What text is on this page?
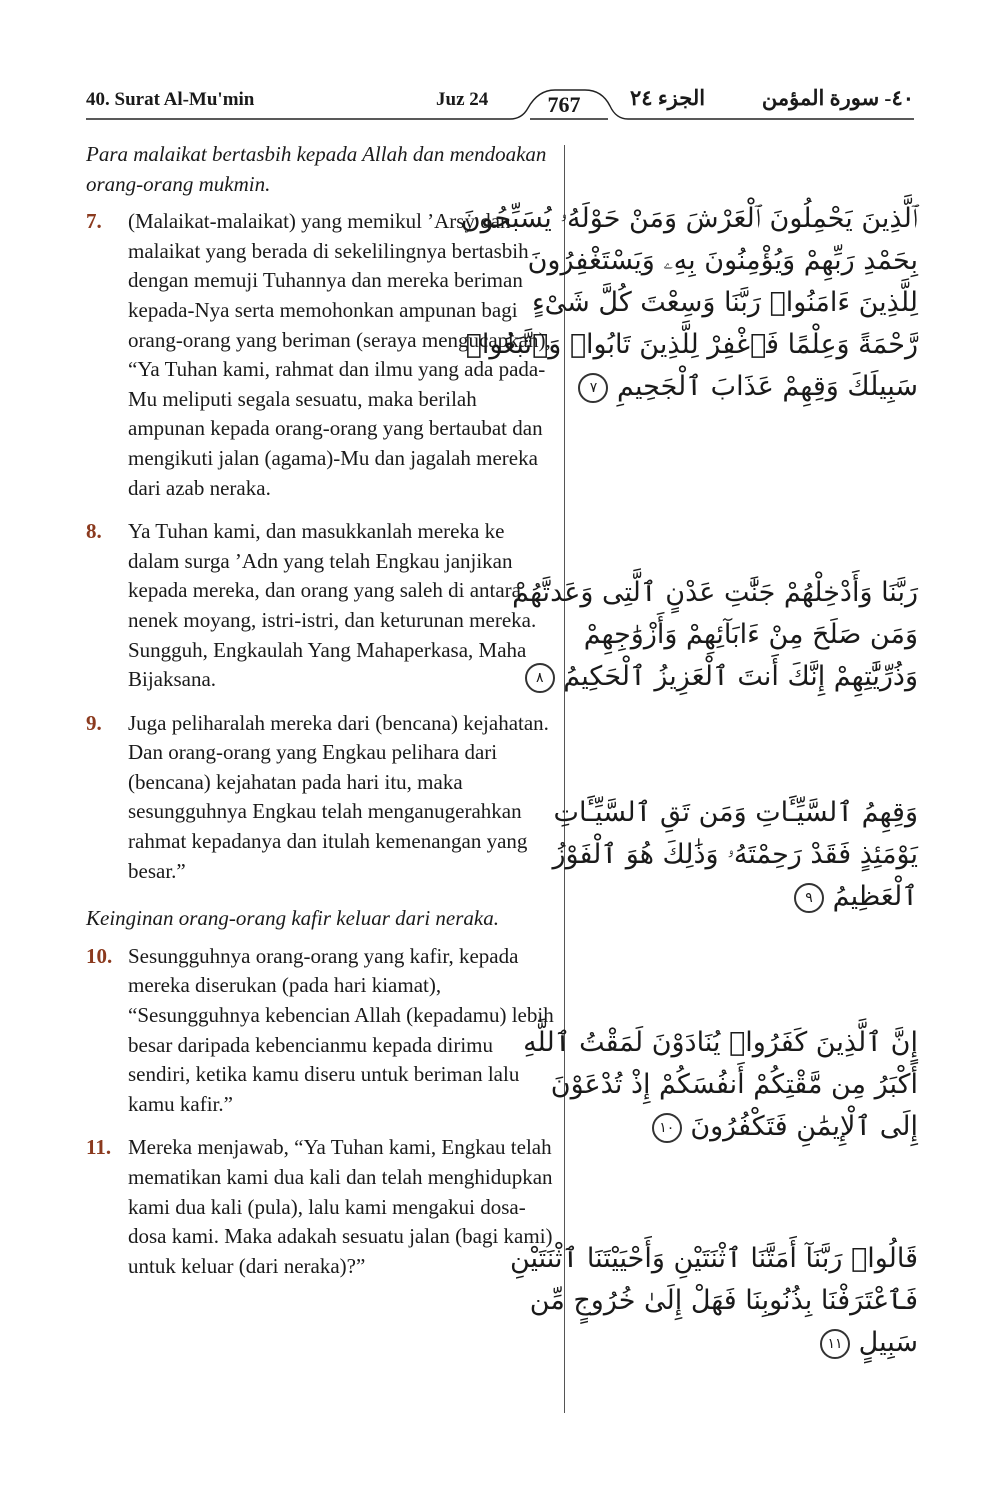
40. Surat Al-Mu'min	Juz 24	767	الجزء ٢٤	٤٠- سورة المؤمن

Para malaikat bertasbih kepada Allah dan mendoakan orang-orang mukmin.

7.	(Malaikat-malaikat) yang memikul ’Arsy dan malaikat yang berada di sekelilingnya bertasbih dengan memuji Tuhannya dan mereka beriman kepada-Nya serta memohonkan ampunan bagi orang-orang yang beriman (seraya mengucapkan), “Ya Tuhan kami, rahmat dan ilmu yang ada pada-Mu meliputi segala sesuatu, maka berilah ampunan kepada orang-orang yang bertaubat dan mengikuti jalan (agama)-Mu dan jagalah mereka dari azab neraka.
8.	Ya Tuhan kami, dan masukkanlah mereka ke dalam surga ’Adn yang telah Engkau janjikan kepada mereka, dan orang yang saleh di antara nenek moyang, istri-istri, dan keturunan mereka. Sungguh, Engkaulah Yang Mahaperkasa, Maha Bijaksana.
9.	Juga peliharalah mereka dari (bencana) kejahatan. Dan orang-orang yang Engkau pelihara dari (bencana) kejahatan pada hari itu, maka sesungguhnya Engkau telah menganugerahkan rahmat kepadanya dan itulah kemenangan yang besar.”

Keinginan orang-orang kafir keluar dari neraka.

10. Sesungguhnya orang-orang yang kafir, kepada mereka diserukan (pada hari kiamat), “Sesungguhnya kebencian Allah (kepadamu) lebih besar daripada kebencianmu kepada dirimu sendiri, ketika kamu diseru untuk beriman lalu kamu kafir.”
11. Mereka menjawab, “Ya Tuhan kami, Engkau telah mematikan kami dua kali dan telah menghidupkan kami dua kali (pula), lalu kami mengakui dosa-dosa kami. Maka adakah sesuatu jalan (bagi kami) untuk keluar (dari neraka)?”
ٱلَّذِينَ يَحْمِلُونَ ٱلْعَرْشَ وَمَنْ حَوْلَهُۥ يُسَبِّحُونَ
بِحَمْدِ رَبِّهِمْ وَيُؤْمِنُونَ بِهِۦ وَيَسْتَغْفِرُونَ
لِلَّذِينَ ءَامَنُوا۟ رَبَّنَا وَسِعْتَ كُلَّ شَىْءٍ
رَّحْمَةً وَعِلْمًا فَٱغْفِرْ لِلَّذِينَ تَابُوا۟ وَٱتَّبَعُوا۟
سَبِيلَكَ وَقِهِمْ عَذَابَ ٱلْجَحِيمِ ٧
رَبَّنَا وَأَدْخِلْهُمْ جَنَّٰتِ عَدْنٍ ٱلَّتِى وَعَدتَّهُمْ
وَمَن صَلَحَ مِنْ ءَابَآئِهِمْ وَأَزْوَٰجِهِمْ
وَذُرِّيَّٰتِهِمْ إِنَّكَ أَنتَ ٱلْعَزِيزُ ٱلْحَكِيمُ ٨
وَقِهِمُ ٱلسَّيِّـَٔاتِ وَمَن تَقِ ٱلسَّيِّـَٔاتِ
يَوْمَئِذٍ فَقَدْ رَحِمْتَهُۥ وَذَٰلِكَ هُوَ ٱلْفَوْزُ
ٱلْعَظِيمُ ٩
إِنَّ ٱلَّذِينَ كَفَرُوا۟ يُنَادَوْنَ لَمَقْتُ ٱللَّهِ
أَكْبَرُ مِن مَّقْتِكُمْ أَنفُسَكُمْ إِذْ تُدْعَوْنَ
إِلَى ٱلْإِيمَٰنِ فَتَكْفُرُونَ ١٠
قَالُوا۟ رَبَّنَآ أَمَتَّنَا ٱثْنَتَيْنِ وَأَحْيَيْتَنَا ٱثْنَتَيْنِ
فَٱعْتَرَفْنَا بِذُنُوبِنَا فَهَلْ إِلَىٰ خُرُوجٍ مِّن
سَبِيلٍ ١١
